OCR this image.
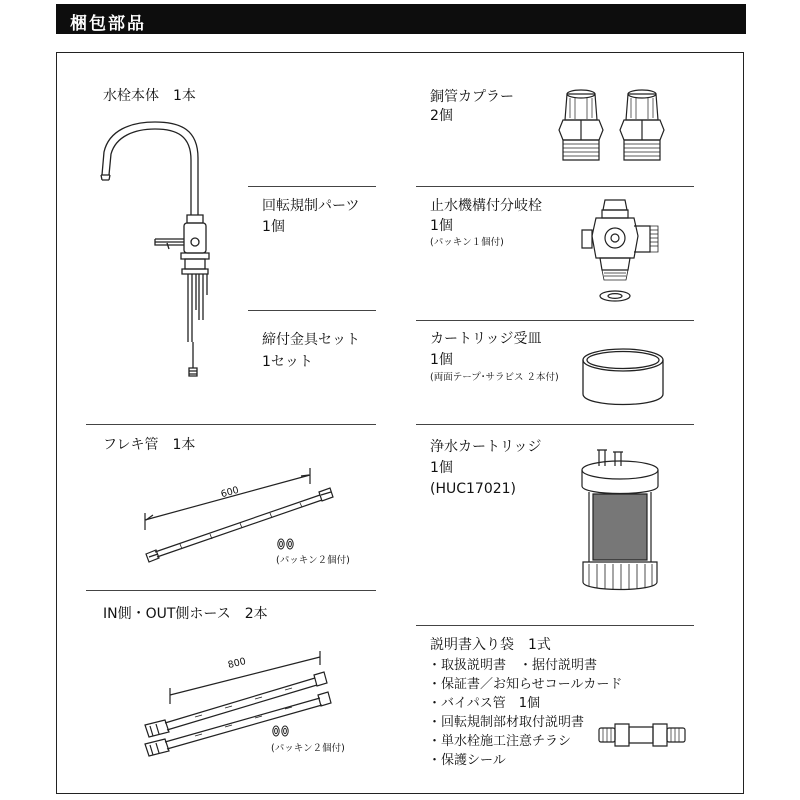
梱包部品
水栓本体　1本
回転規制パーツ
1個
締付金具セット
1セット
フレキ管　1本
600
(パッキン２個付)
IN側・OUT側ホース　2本
800
(パッキン２個付)
銅管カプラー
2個
止水機構付分岐栓
1個
(パッキン１個付)
カートリッジ受皿
1個
(両面テープ･サラビス ２本付)
浄水カートリッジ
1個
(HUC17021)
説明書入り袋　1式
・取扱説明書　・据付説明書
・保証書／お知らせコールカード
・バイパス管　1個
・回転規制部材取付説明書
・単水栓施工注意チラシ
・保護シール
